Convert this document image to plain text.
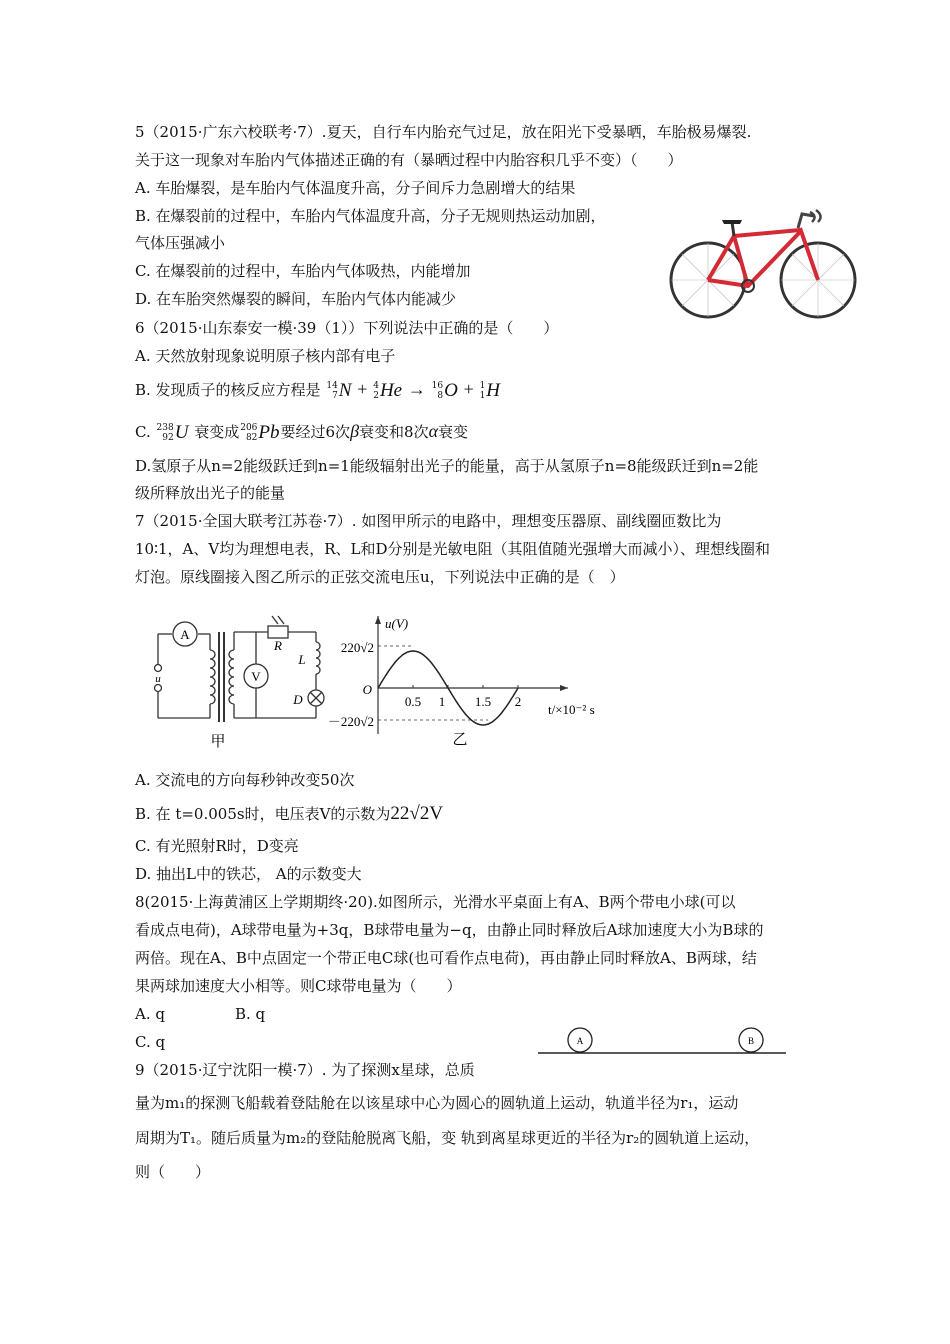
5（2015·广东六校联考·7）.夏天，自行车内胎充气过足，放在阳光下受暴晒，车胎极易爆裂.
关于这一现象对车胎内气体描述正确的有（暴晒过程中内胎容积几乎不变）（　　）
A. 车胎爆裂，是车胎内气体温度升高，分子间斥力急剧增大的结果
B. 在爆裂前的过程中，车胎内气体温度升高，分子无规则热运动加剧，
气体压强减小
C. 在爆裂前的过程中，车胎内气体吸热，内能增加
D. 在车胎突然爆裂的瞬间，车胎内气体内能减少
6（2015·山东泰安一模·39（1））下列说法中正确的是（　　）
A. 天然放射现象说明原子核内部有电子
B. 发现质子的核反应方程是 14
7 N + 4
2 He → 16
8 O + 1
1 H
C. 238
92 U 衰变成 206
82 Pb 要经过6次β衰变和8次α衰变
D.氢原子从n=2能级跃迁到n=1能级辐射出光子的能量，高于从氢原子n=8能级跃迁到n=2能
级所释放出光子的能量
7（2015·全国大联考江苏卷·7）. 如图甲所示的电路中，理想变压器原、副线圈匝数比为
10∶1，A、V均为理想电表，R、L和D分别是光敏电阻（其阻值随光强增大而减小）、理想线圈和
灯泡。原线圈接入图乙所示的正弦交流电压u，下列说法中正确的是（　）
A
V
R
L
D
u
甲
0.5 1 1.5 2
u(V)
O
220√2
－220√2
t/×10⁻² s
乙
A. 交流电的方向每秒钟改变50次
B. 在 t=0.005s时，电压表V的示数为22√2V
C. 有光照射R时，D变亮
D. 抽出L中的铁芯， A的示数变大
8(2015·上海黄浦区上学期期终·20).如图所示，光滑水平桌面上有A、B两个带电小球(可以
看成点电荷)，A球带电量为+3q，B球带电量为−q，由静止同时释放后A球加速度大小为B球的
两倍。现在A、B中点固定一个带正电C球(也可看作点电荷)，再由静止同时释放A、B两球，结
果两球加速度大小相等。则C球带电量为（　　）
A. q	B. q
C. q	A	B
9（2015·辽宁沈阳一模·7）. 为了探测x星球，总质
量为m₁的探测飞船载着登陆舱在以该星球中心为圆心的圆轨道上运动，轨道半径为r₁，运动
周期为T₁。随后质量为m₂的登陆舱脱离飞船，变 轨到离星球更近的半径为r₂的圆轨道上运动，
则（　　）
